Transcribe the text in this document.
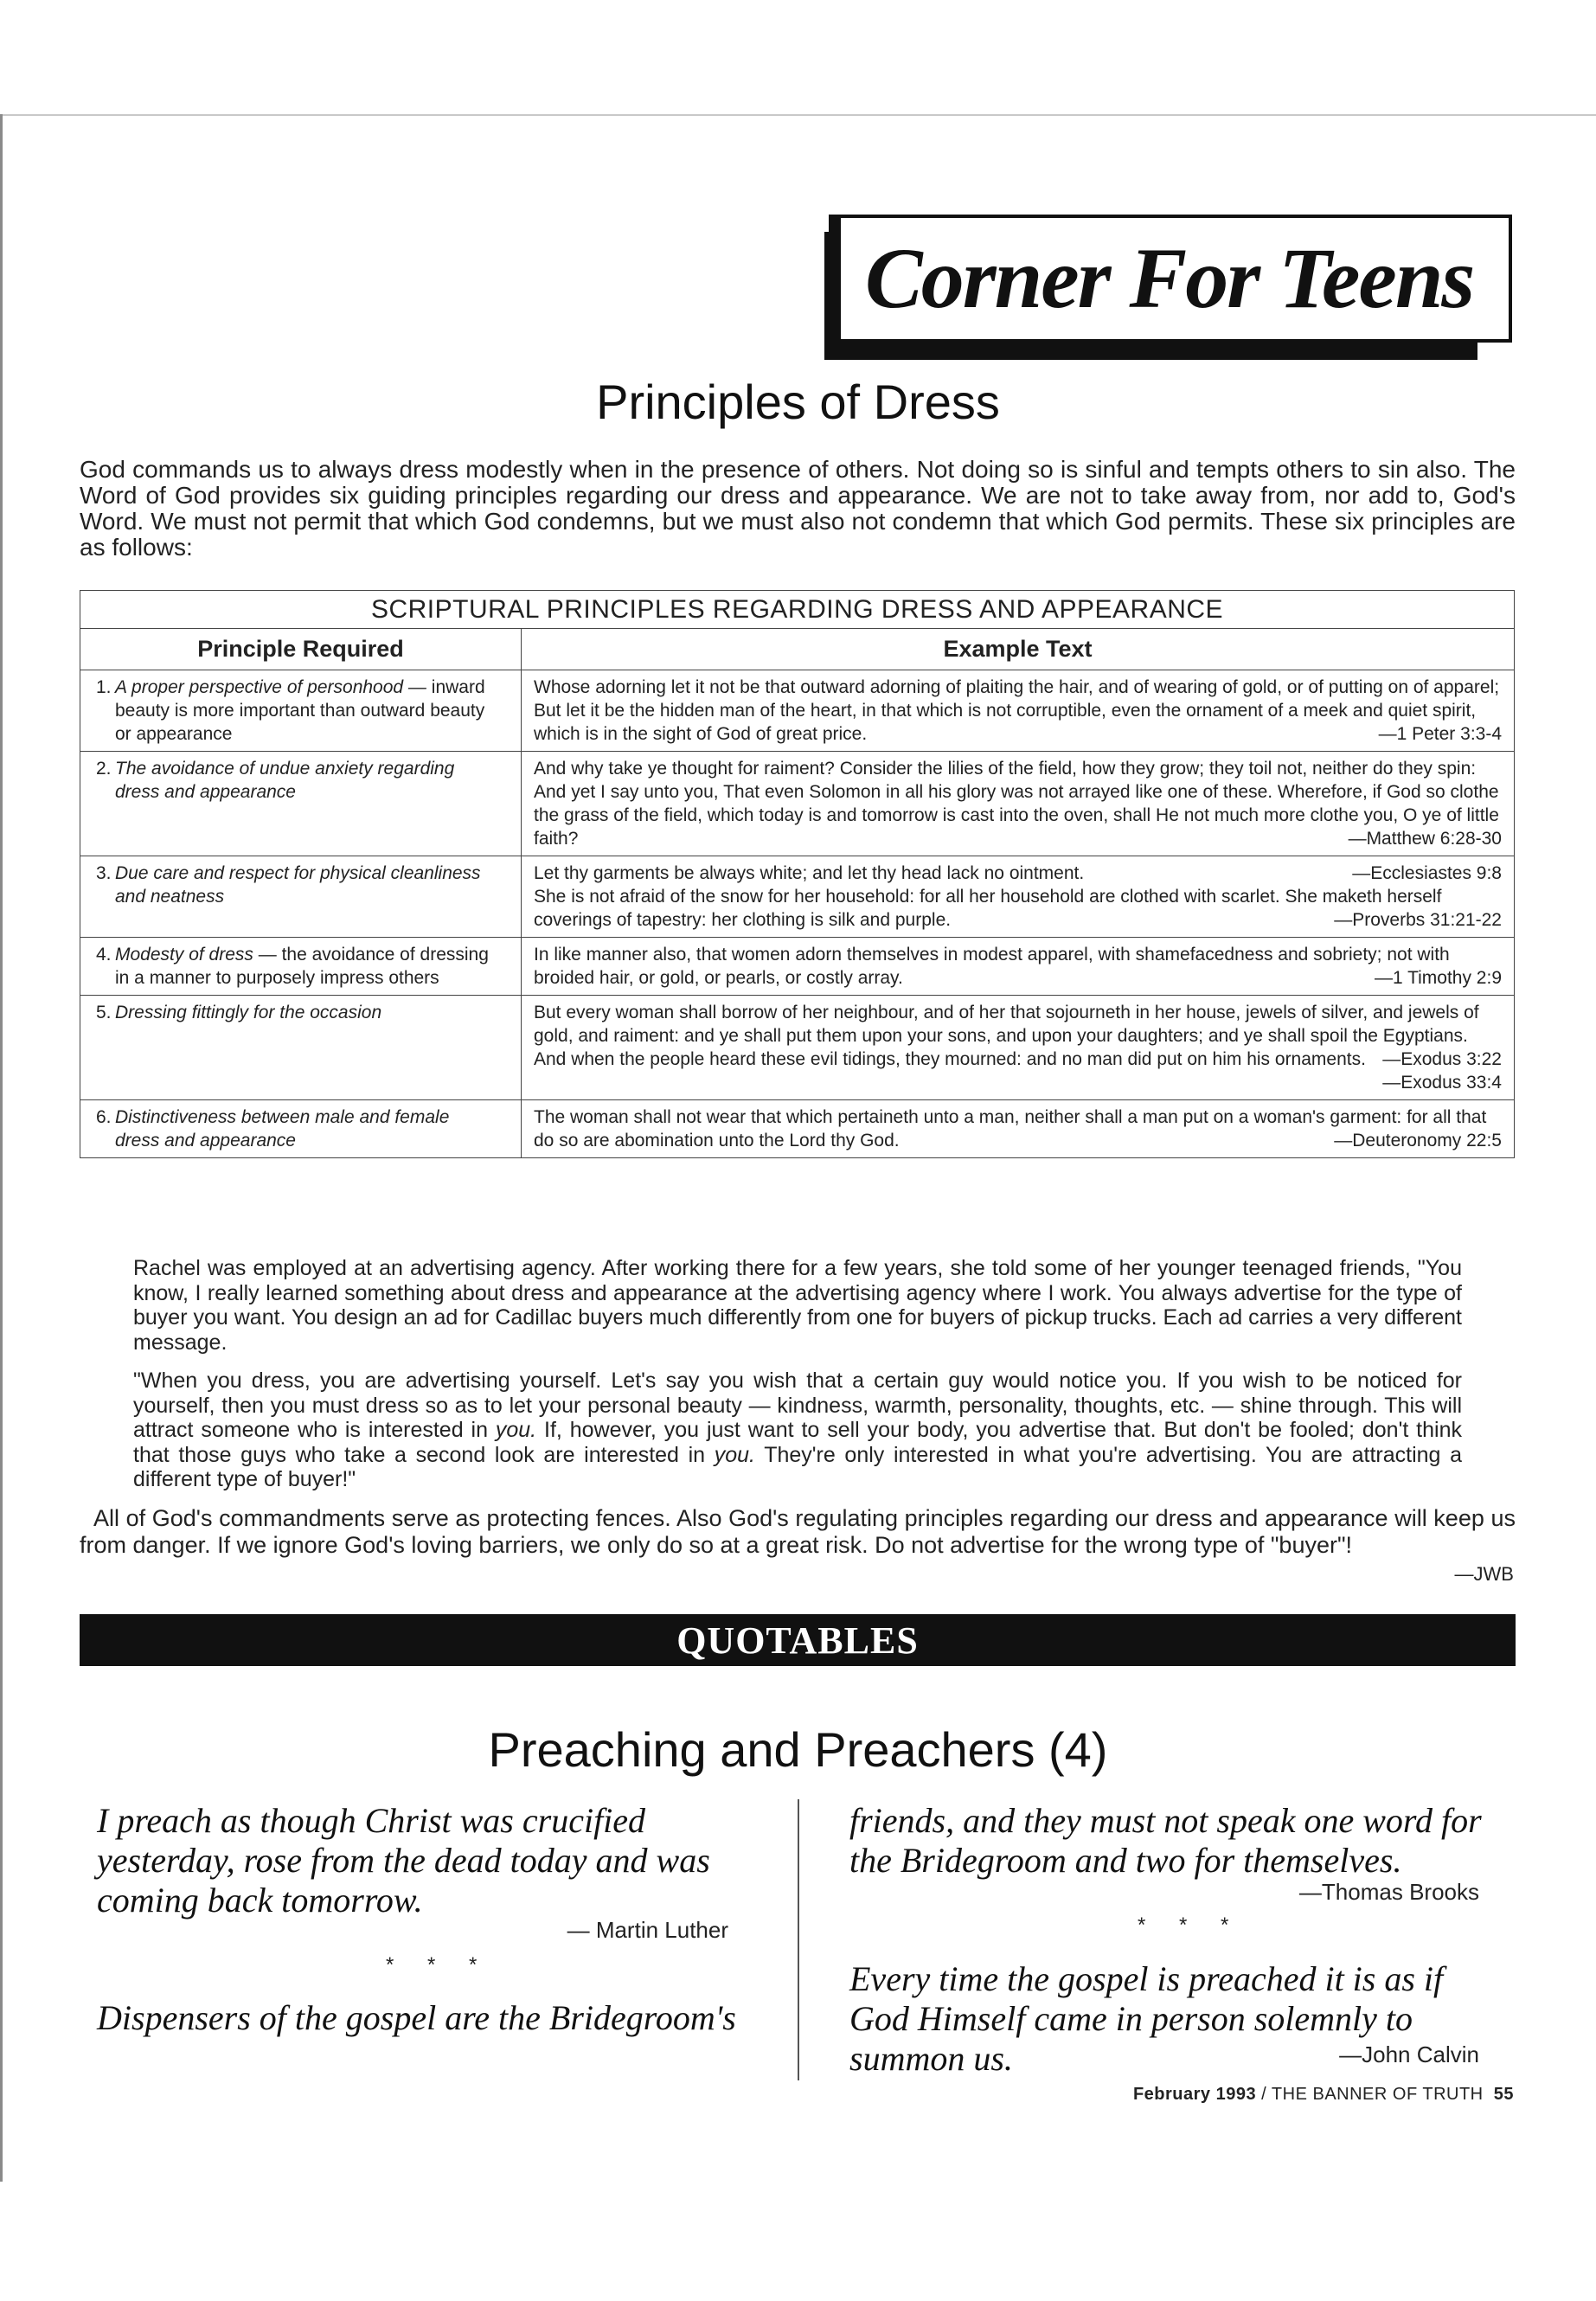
Corner For Teens
Principles of Dress

God commands us to always dress modestly when in the presence of others. Not doing so is sinful and tempts others to sin also. The Word of God provides six guiding principles regarding our dress and appearance. We are not to take away from, nor add to, God's Word. We must not permit that which God condemns, but we must also not condemn that which God permits. These six principles are as follows:

SCRIPTURAL PRINCIPLES REGARDING DRESS AND APPEARANCE	
Principle Required	Example Text
1. A proper perspective of personhood — inward beauty is more important than outward beauty or appearance	Whose adorning let it not be that outward adorning of plaiting the hair, and of wearing of gold, or of putting on of apparel; But let it be the hidden man of the heart, in that which is not corruptible, even the ornament of a meek and quiet spirit, which is in the sight of God of great price. —1 Peter 3:3-4

2. The avoidance of undue anxiety regarding dress and appearance	And why take ye thought for raiment? Consider the lilies of the field, how they grow; they toil not, neither do they spin: And yet I say unto you, That even Solomon in all his glory was not arrayed like one of these. Wherefore, if God so clothe the grass of the field, which today is and tomorrow is cast into the oven, shall He not much more clothe you, O ye of little faith? —Matthew 6:28-30

3. Due care and respect for physical cleanliness and neatness	Let thy garments be always white; and let thy head lack no ointment. —Ecclesiastes 9:8
She is not afraid of the snow for her household: for all her household are clothed with scarlet. She maketh herself coverings of tapestry: her clothing is silk and purple. —Proverbs 31:21-22

4. Modesty of dress — the avoidance of dressing in a manner to purposely impress others	In like manner also, that women adorn themselves in modest apparel, with shamefacedness and sobriety; not with broided hair, or gold, or pearls, or costly array. —1 Timothy 2:9

5. Dressing fittingly for the occasion	But every woman shall borrow of her neighbour, and of her that sojourneth in her house, jewels of silver, and jewels of gold, and raiment: and ye shall put them upon your sons, and upon your daughters; and ye shall spoil the Egyptians.
—Exodus 3:22
And when the people heard these evil tidings, they mourned: and no man did put on him his ornaments.
—Exodus 33:4

6. Distinctiveness between male and female dress and appearance	The woman shall not wear that which pertaineth unto a man, neither shall a man put on a woman's garment: for all that do so are abomination unto the Lord thy God. —Deuteronomy 22:5

Rachel was employed at an advertising agency. After working there for a few years, she told some of her younger teenaged friends, "You know, I really learned something about dress and appearance at the advertising agency where I work. You always advertise for the type of buyer you want. You design an ad for Cadillac buyers much differently from one for buyers of pickup trucks. Each ad carries a very different message.

"When you dress, you are advertising yourself. Let's say you wish that a certain guy would notice you. If you wish to be noticed for yourself, then you must dress so as to let your personal beauty — kindness, warmth, personality, thoughts, etc. — shine through. This will attract someone who is interested in you. If, however, you just want to sell your body, you advertise that. But don't be fooled; don't think that those guys who take a second look are interested in you. They're only interested in what you're advertising. You are attracting a different type of buyer!"

All of God's commandments serve as protecting fences. Also God's regulating principles regarding our dress and appearance will keep us from danger. If we ignore God's loving barriers, we only do so at a great risk. Do not advertise for the wrong type of "buyer"!

—JWB
QUOTABLES
Preaching and Preachers (4)
I preach as though Christ was crucified yesterday, rose from the dead today and was coming back tomorrow.
— Martin Luther
* * *
Dispensers of the gospel are the Bridegroom's
friends, and they must not speak one word for the Bridegroom and two for themselves.
—Thomas Brooks
* * *
Every time the gospel is preached it is as if God Himself came in person solemnly to summon us.	—John Calvin
February 1993 / THE BANNER OF TRUTH 55
